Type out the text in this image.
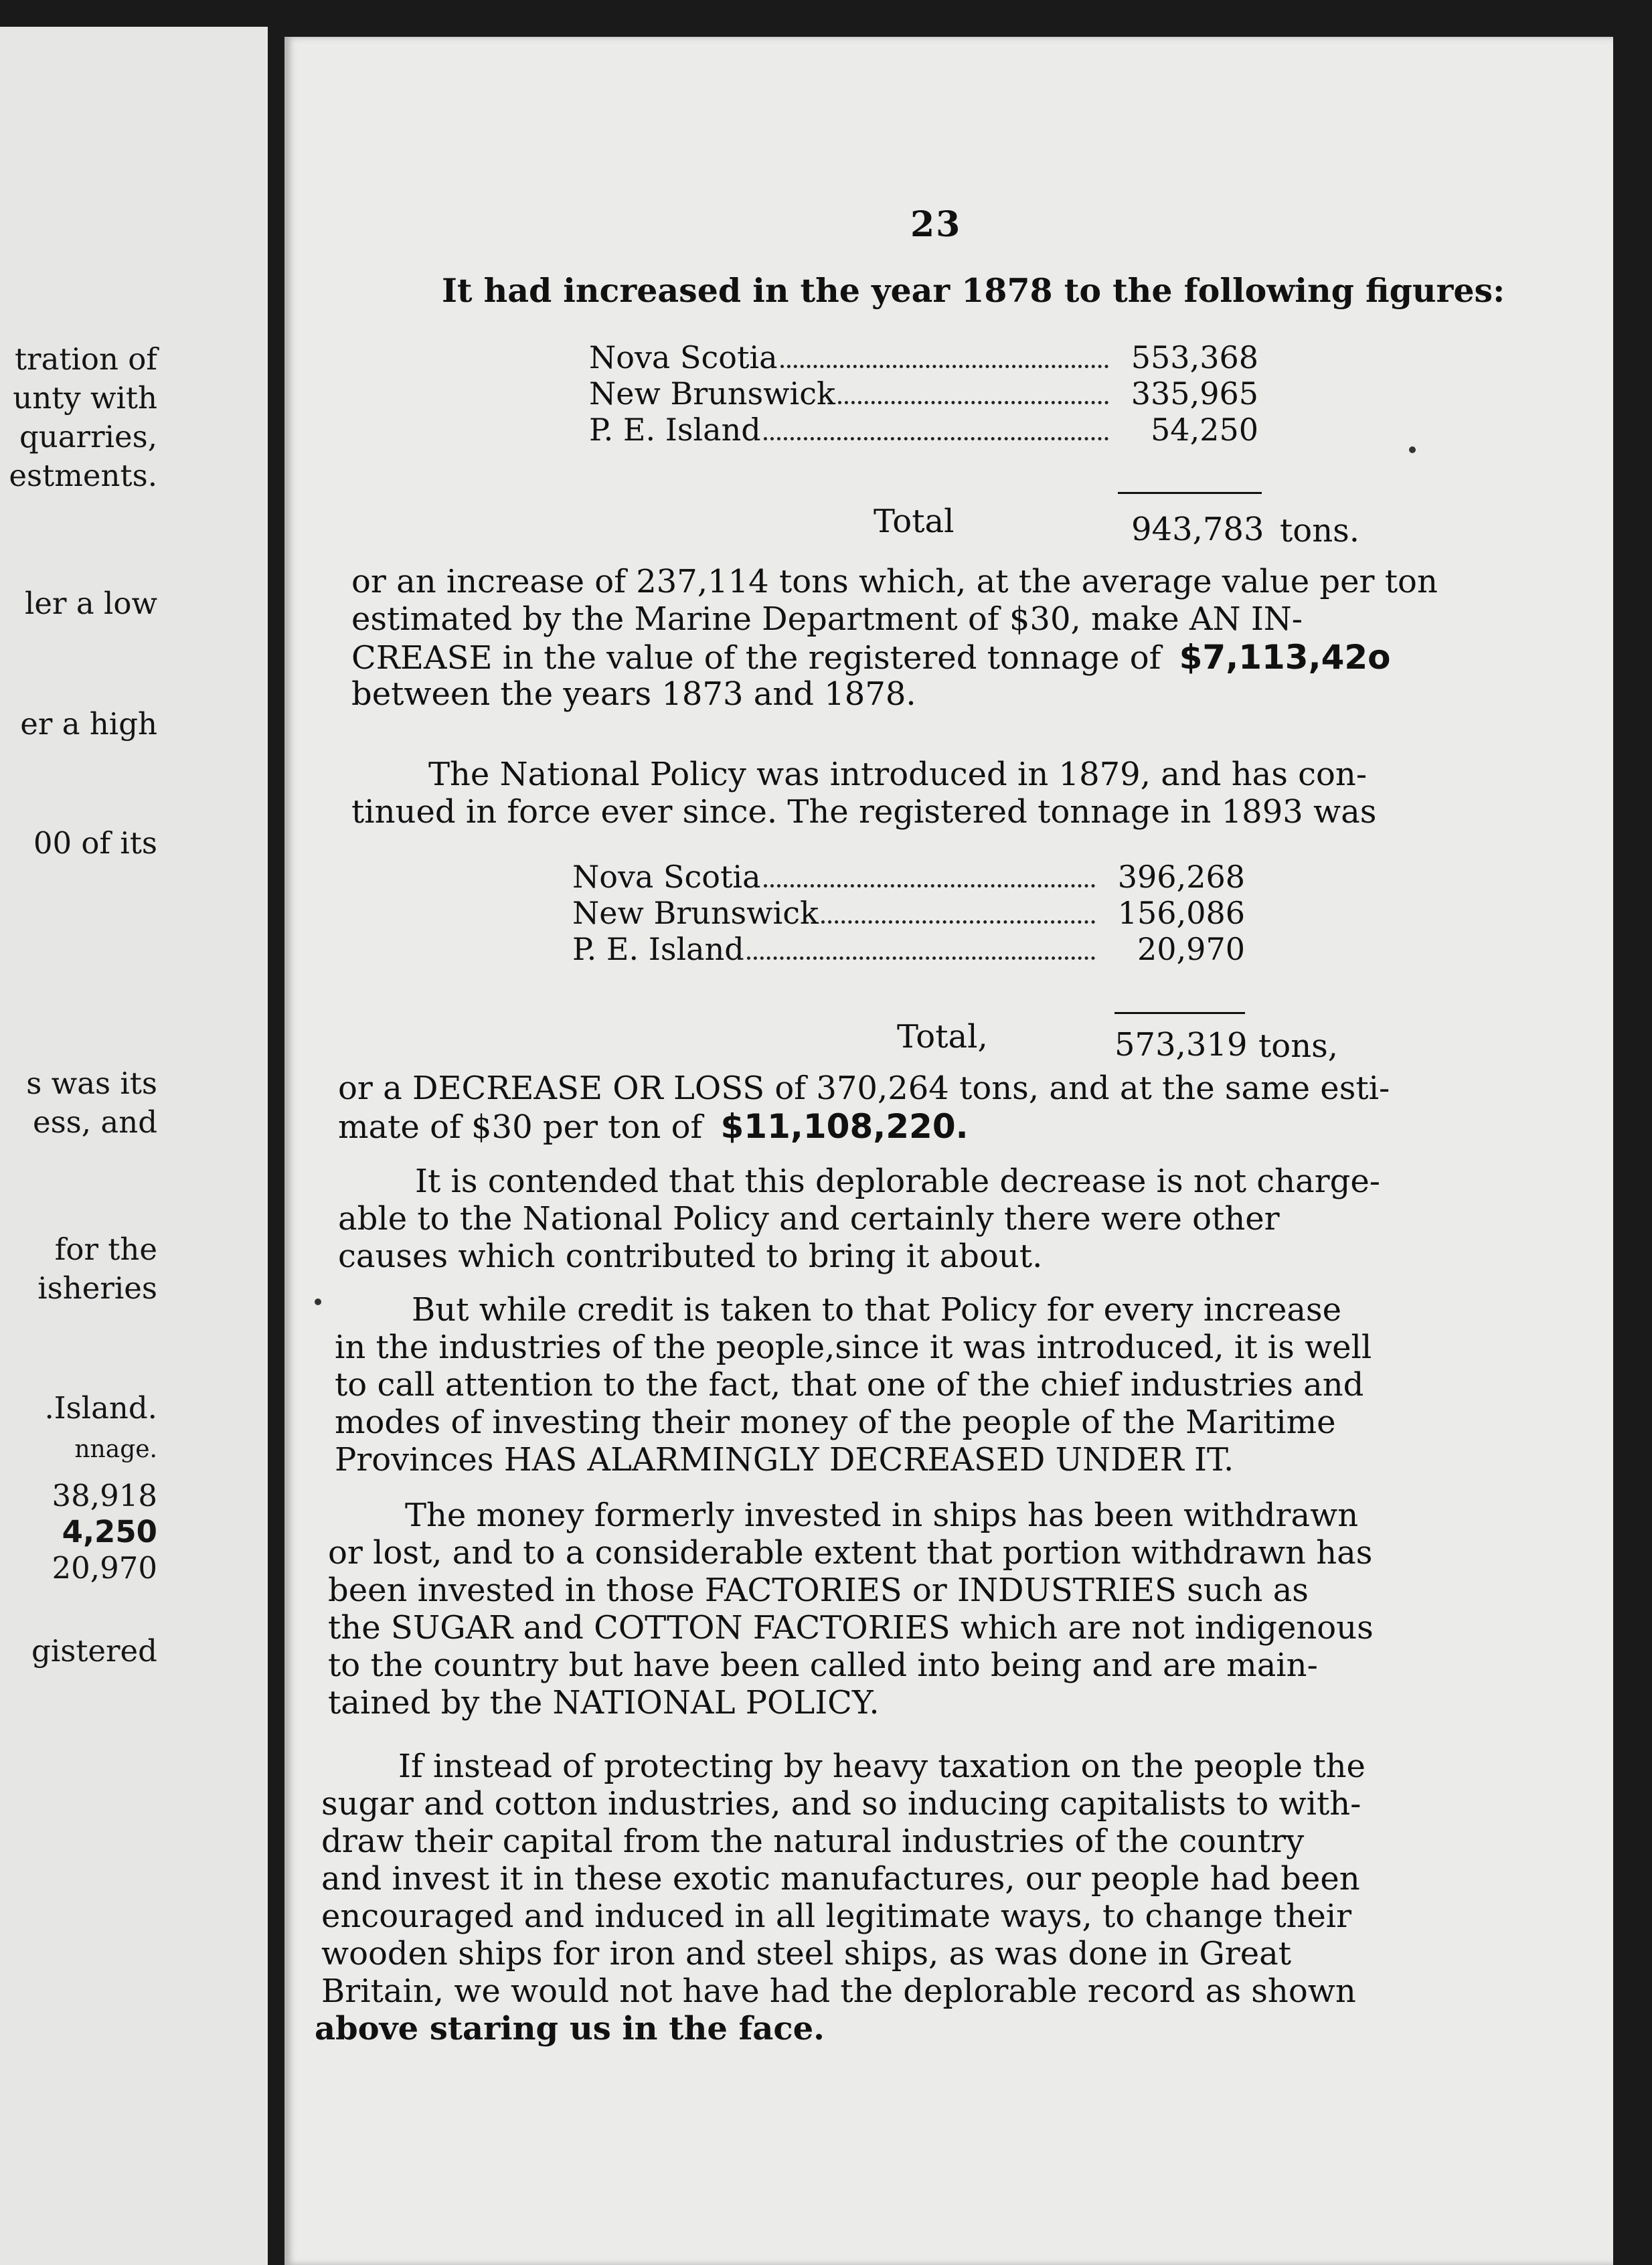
tration of
unty with
quarries,
estments.
ler a low
er a high
00 of its
s was its
ess, and
for the
isheries
.Island.
nnage.
38,918
4,250
20,970
gistered
23
It had increased in the year 1878 to the following figures:
Nova Scotia	553,368
New Brunswick	335,965
P. E. Island	54,250
Total	943,783 tons.
or an increase of 237,114 tons which, at the average value per ton
estimated by the Marine Department of $30, make AN IN-
CREASE in the value of the registered tonnage of $7,113,42o
between the years 1873 and 1878.
The National Policy was introduced in 1879, and has con-
tinued in force ever since. The registered tonnage in 1893 was
Nova Scotia	396,268
New Brunswick	156,086
P. E. Island	20,970
Total,	573,319 tons,
or a DECREASE OR LOSS of 370,264 tons, and at the same esti-
mate of $30 per ton of $11,108,220.
It is contended that this deplorable decrease is not charge-
able to the National Policy and certainly there were other
causes which contributed to bring it about.
But while credit is taken to that Policy for every increase
in the industries of the people,since it was introduced, it is well
to call attention to the fact, that one of the chief industries and
modes of investing their money of the people of the Maritime
Provinces HAS ALARMINGLY DECREASED UNDER IT.
The money formerly invested in ships has been withdrawn
or lost, and to a considerable extent that portion withdrawn has
been invested in those FACTORIES or INDUSTRIES such as
the SUGAR and COTTON FACTORIES which are not indigenous
to the country but have been called into being and are main-
tained by the NATIONAL POLICY.
If instead of protecting by heavy taxation on the people the
sugar and cotton industries, and so inducing capitalists to with-
draw their capital from the natural industries of the country
and invest it in these exotic manufactures, our people had been
encouraged and induced in all legitimate ways, to change their
wooden ships for iron and steel ships, as was done in Great
Britain, we would not have had the deplorable record as shown
above staring us in the face.
